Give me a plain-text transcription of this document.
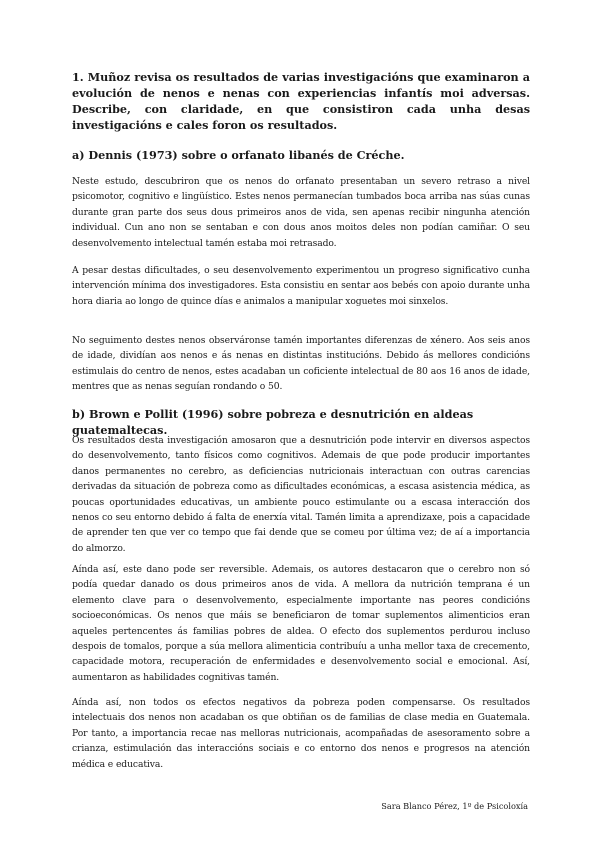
1. Muñoz revisa os resultados de varias investigacións que examinaron a evolución de nenos e nenas con experiencias infantís moi adversas. Describe, con claridade, en que consistiron cada unha desas investigacións e cales foron os resultados.

a) Dennis (1973) sobre o orfanato libanés de Créche.

Neste estudo, descubriron que os nenos do orfanato presentaban un severo retraso a nivel psicomotor, cognitivo e lingüístico. Estes nenos permanecían tumbados boca arriba nas súas cunas durante gran parte dos seus dous primeiros anos de vida, sen apenas recibir ningunha atención individual. Cun ano non se sentaban e con dous anos moitos deles non podían camiñar. O seu desenvolvemento intelectual tamén estaba moi retrasado.

A pesar destas dificultades, o seu desenvolvemento experimentou un progreso significativo cunha intervención mínima dos investigadores. Esta consistiu en sentar aos bebés con apoio durante unha hora diaria ao longo de quince días e animalos a manipular xoguetes moi sinxelos.

No seguimento destes nenos observáronse tamén importantes diferenzas de xénero. Aos seis anos de idade, dividían aos nenos e ás nenas en distintas institucións. Debido ás mellores condicións estimulais do centro de nenos, estes acadaban un coficiente intelectual de 80 aos 16 anos de idade, mentres que as nenas seguían rondando o 50.

b) Brown e Pollit (1996) sobre pobreza e desnutrición en aldeas guatemaltecas.

Os resultados desta investigación amosaron que a desnutrición pode intervir en diversos aspectos do desenvolvemento, tanto físicos como cognitivos. Ademais de que pode producir importantes danos permanentes no cerebro, as deficiencias nutricionais interactuan con outras carencias derivadas da situación de pobreza como as dificultades económicas, a escasa asistencia médica, as poucas oportunidades educativas, un ambiente pouco estimulante ou a escasa interacción dos nenos co seu entorno debido á falta de enerxía vital. Tamén limita a aprendizaxe, pois a capacidade de aprender ten que ver co tempo que fai dende que se comeu por última vez; de aí a importancia do almorzo.

Aínda así, este dano pode ser reversible. Ademais, os autores destacaron que o cerebro non só podía quedar danado os dous primeiros anos de vida. A mellora da nutrición temprana é un elemento clave para o desenvolvemento, especialmente importante nas peores condicións socioeconómicas. Os nenos que máis se beneficiaron de tomar suplementos alimenticios eran aqueles pertencentes ás familias pobres de aldea. O efecto dos suplementos perdurou incluso despois de tomalos, porque a súa mellora alimenticia contribuíu a unha mellor taxa de crecemento, capacidade motora, recuperación de enfermidades e desenvolvemento social e emocional. Así, aumentaron as habilidades cognitivas tamén.

Aínda así, non todos os efectos negativos da pobreza poden compensarse. Os resultados intelectuais dos nenos non acadaban os que obtiñan os de familias de clase media en Guatemala. Por tanto, a importancia recae nas melloras nutricionais, acompañadas de asesoramento sobre a crianza, estimulación das interaccións sociais e co entorno dos nenos e progresos na atención médica e educativa.

Sara Blanco Pérez, 1º de Psicoloxía
